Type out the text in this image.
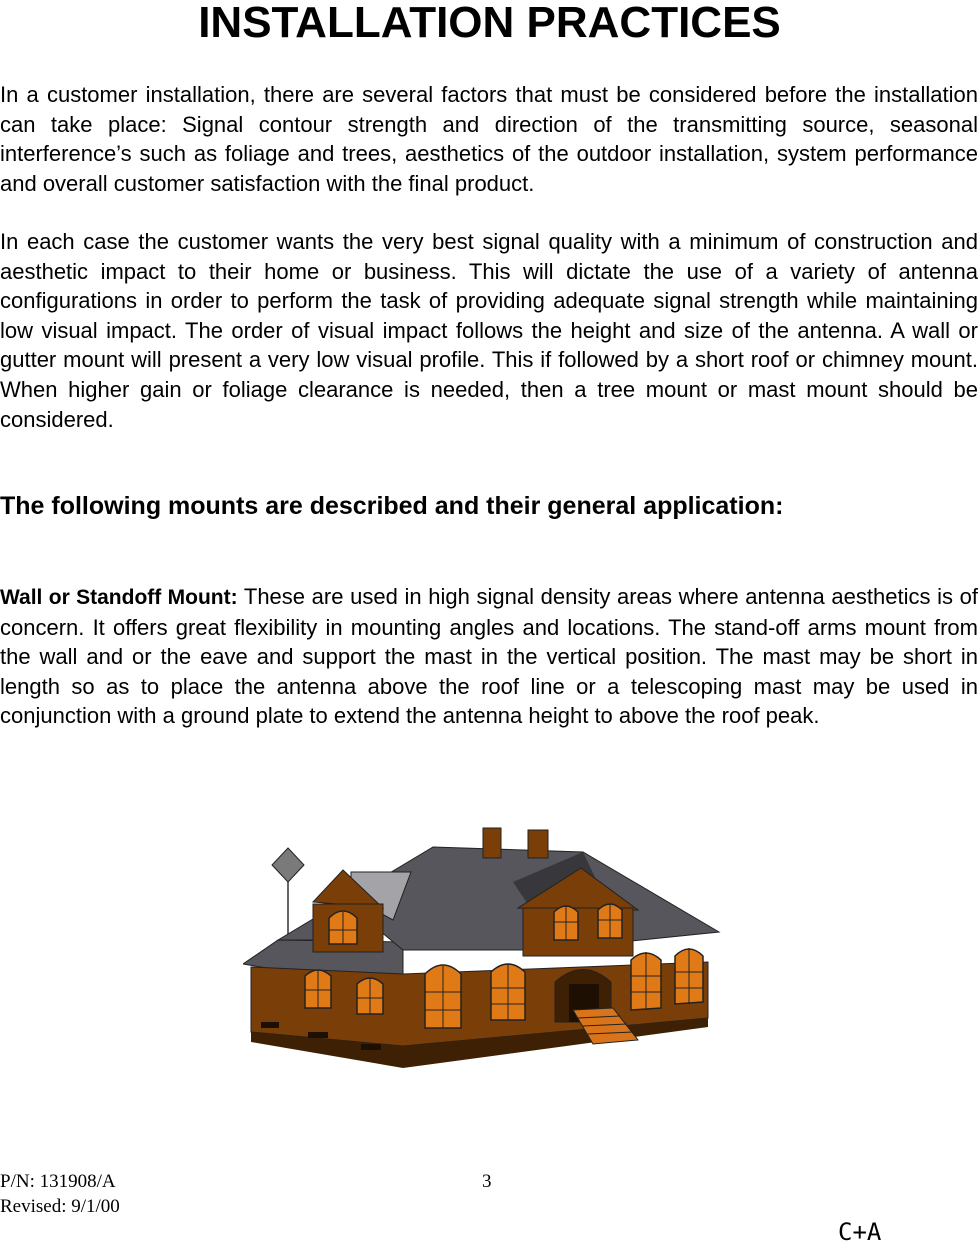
INSTALLATION PRACTICES

In a customer installation, there are several factors that must be considered before the installation can take place: Signal contour strength and direction of the transmitting source, seasonal interference’s such as foliage and trees, aesthetics of the outdoor installation, system performance and overall customer satisfaction with the final product.

In each case the customer wants the very best signal quality with a minimum of construction and aesthetic impact to their home or business. This will dictate the use of a variety of antenna configurations in order to perform the task of providing adequate signal strength while maintaining low visual impact. The order of visual impact follows the height and size of the antenna. A wall or gutter mount will present a very low visual profile. This if followed by a short roof or chimney mount. When higher gain or foliage clearance is needed, then a tree mount or mast mount should be considered.

The following mounts are described and their general application:

Wall or Standoff Mount: These are used in high signal density areas where antenna aesthetics is of concern. It offers great flexibility in mounting angles and locations. The stand-off arms mount from the wall and or the eave and support the mast in the vertical position. The mast may be short in length so as to place the antenna above the roof line or a telescoping mast may be used in conjunction with a ground plate to extend the antenna height to above the roof peak.

P/N: 131908/A
Revised: 9/1/00
3
C+A
